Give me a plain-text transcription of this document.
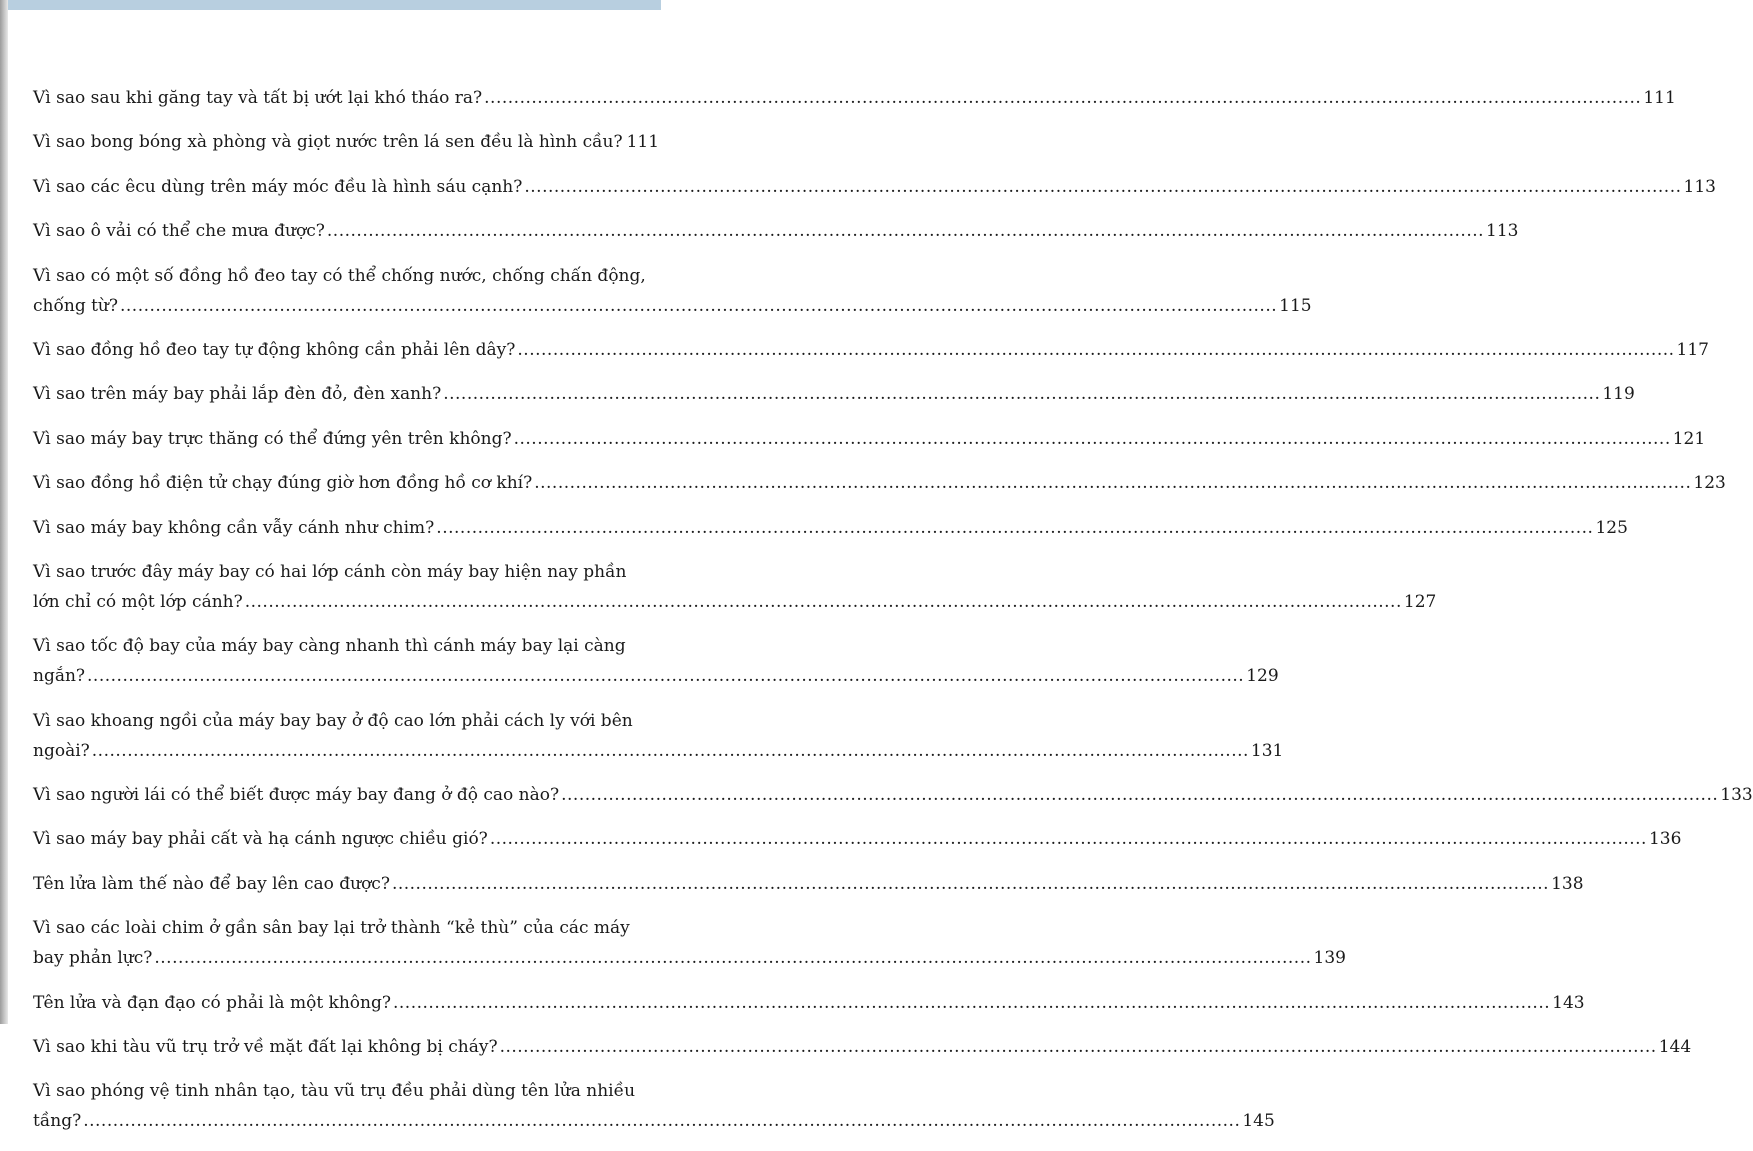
Vì sao sau khi găng tay và tất bị ướt lại khó tháo ra? .....	111
Vì sao bong bóng xà phòng và giọt nước trên lá sen đều là hình cầu? 111
Vì sao các êcu dùng trên máy móc đều là hình sáu cạnh? .....	113
Vì sao ô vải có thể che mưa được? .....	113
Vì sao có một số đồng hồ đeo tay có thể chống nước, chống chấn động,
chống từ? .....	115
Vì sao đồng hồ đeo tay tự động không cần phải lên dây? .....	117
Vì sao trên máy bay phải lắp đèn đỏ, đèn xanh? .....	119
Vì sao máy bay trực thăng có thể đứng yên trên không? .....	121
Vì sao đồng hồ điện tử chạy đúng giờ hơn đồng hồ cơ khí? .....	123
Vì sao máy bay không cần vẫy cánh như chim? .....	125
Vì sao trước đây máy bay có hai lớp cánh còn máy bay hiện nay phần
lớn chỉ có một lớp cánh? .....	127
Vì sao tốc độ bay của máy bay càng nhanh thì cánh máy bay lại càng
ngắn? .....	129
Vì sao khoang ngồi của máy bay bay ở độ cao lớn phải cách ly với bên
ngoài? .....	131
Vì sao người lái có thể biết được máy bay đang ở độ cao nào? .....	133
Vì sao máy bay phải cất và hạ cánh ngược chiều gió? .....	136
Tên lửa làm thế nào để bay lên cao được? .....	138
Vì sao các loài chim ở gần sân bay lại trở thành “kẻ thù” của các máy
bay phản lực? .....	139
Tên lửa và đạn đạo có phải là một không? .....	143
Vì sao khi tàu vũ trụ trở về mặt đất lại không bị cháy? .....	144
Vì sao phóng vệ tinh nhân tạo, tàu vũ trụ đều phải dùng tên lửa nhiều
tầng? .....	145
